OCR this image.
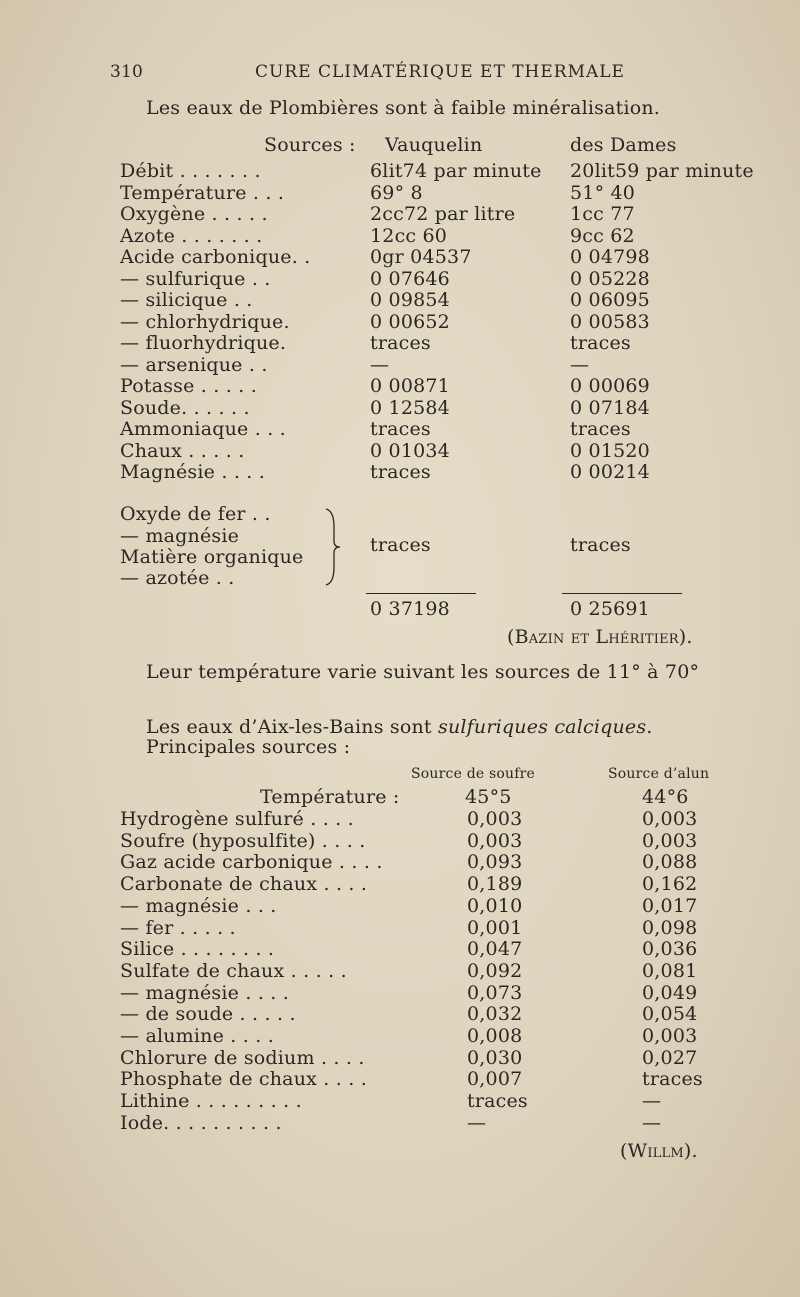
310	CURE CLIMATÉRIQUE ET THERMALE
Les eaux de Plombières sont à faible minéralisation.
Sources : Vauquelin	des Dames
Débit . . . . . . .	6lit74 par minute 20lit59 par minute
Température . . .	69° 8	51° 40
Oxygène . . . . .	2cc72 par litre	1cc 77
Azote . . . . . . .	12cc 60	9cc 62
Acide carbonique. .	0gr 04537	0 04798
— sulfurique . .	0 07646	0 05228
— silicique . .	0 09854	0 06095
— chlorhydrique.	0 00652	0 00583
— fluorhydrique.	traces	traces
— arsenique . .	—	—
Potasse . . . . .	0 00871	0 00069
Soude. . . . . .	0 12584	0 07184
Ammoniaque . . .	traces	traces
Chaux . . . . .	0 01034	0 01520
Magnésie . . . .	traces	0 00214
Oxyde de fer . .
— magnésie
Matière organique
— azotée . .
traces	traces
0 37198	0 25691
(Bazin et Lhéritier).
Leur température varie suivant les sources de 11° à 70°
Les eaux d’Aix-les-Bains sont sulfuriques calciques.
Principales sources :
Source de soufre	Source d’alun
Température :	45°5	44°6
Hydrogène sulfuré . . . .	0,003	0,003
Soufre (hyposulfite) . . . .	0,003	0,003
Gaz acide carbonique . . . .	0,093	0,088
Carbonate de chaux . . . .	0,189	0,162
— magnésie . . .	0,010	0,017
— fer . . . . .	0,001	0,098
Silice . . . . . . . .	0,047	0,036
Sulfate de chaux . . . . .	0,092	0,081
— magnésie . . . .	0,073	0,049
— de soude . . . . .	0,032	0,054
— alumine . . . .	0,008	0,003
Chlorure de sodium . . . .	0,030	0,027
Phosphate de chaux . . . .	0,007	traces
Lithine . . . . . . . . .	traces	—
Iode. . . . . . . . . .	—	—
(Willm).
